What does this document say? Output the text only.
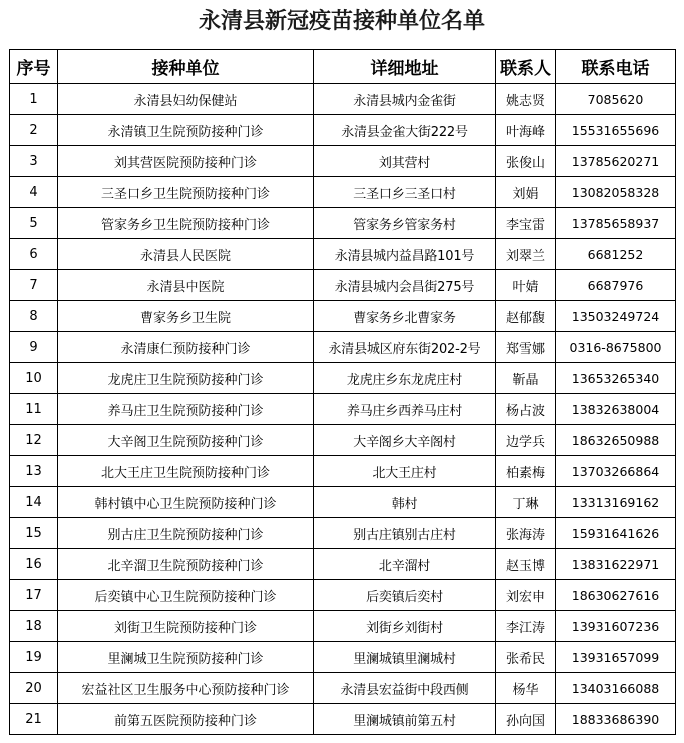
永清县新冠疫苗接种单位名单
序号	接种单位	详细地址	联系人	联系电话
1	永清县妇幼保健站	永清县城内金雀街	姚志贤	7085620
2	永清镇卫生院预防接种门诊	永清县金雀大街222号	叶海峰	15531655696
3	刘其营医院预防接种门诊	刘其营村	张俊山	13785620271
4	三圣口乡卫生院预防接种门诊	三圣口乡三圣口村	刘娟	13082058328
5	管家务乡卫生院预防接种门诊	管家务乡管家务村	李宝雷	13785658937
6	永清县人民医院	永清县城内益昌路101号	刘翠兰	6681252
7	永清县中医院	永清县城内会昌街275号	叶婧	6687976
8	曹家务乡卫生院	曹家务乡北曹家务	赵郁馥	13503249724
9	永清康仁预防接种门诊	永清县城区府东街202-2号	郑雪娜	0316-8675800
10	龙虎庄卫生院预防接种门诊	龙虎庄乡东龙虎庄村	靳晶	13653265340
11	养马庄卫生院预防接种门诊	养马庄乡西养马庄村	杨占波	13832638004
12	大辛阁卫生院预防接种门诊	大辛阁乡大辛阁村	边学兵	18632650988
13	北大王庄卫生院预防接种门诊	北大王庄村	柏素梅	13703266864
14	韩村镇中心卫生院预防接种门诊	韩村	丁琳	13313169162
15	别古庄卫生院预防接种门诊	别古庄镇别古庄村	张海涛	15931641626
16	北辛溜卫生院预防接种门诊	北辛溜村	赵玉博	13831622971
17	后奕镇中心卫生院预防接种门诊	后奕镇后奕村	刘宏申	18630627616
18	刘街卫生院预防接种门诊	刘街乡刘街村	李江涛	13931607236
19	里澜城卫生院预防接种门诊	里澜城镇里澜城村	张希民	13931657099
20	宏益社区卫生服务中心预防接种门诊	永清县宏益街中段西侧	杨华	13403166088
21	前第五医院预防接种门诊	里澜城镇前第五村	孙向国	18833686390
